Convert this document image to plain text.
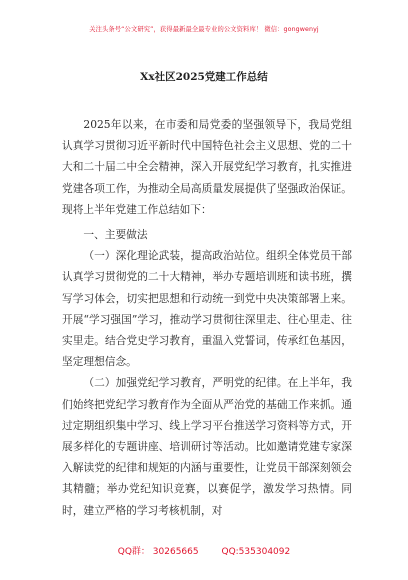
关注头条号“公文研究”，获得最新最全最专业的公文资料库！ 微信：gongwenyj
Xx社区2025党建工作总结

2025年以来，在市委和局党委的坚强领导下，我局党组认真学习贯彻习近平新时代中国特色社会主义思想、党的二十大和二十届二中全会精神，深入开展党纪学习教育，扎实推进党建各项工作，为推动全局高质量发展提供了坚强政治保证。现将上半年党建工作总结如下：

一、主要做法

（一）深化理论武装，提高政治站位。组织全体党员干部认真学习贯彻党的二十大精神，举办专题培训班和读书班，撰写学习体会，切实把思想和行动统一到党中央决策部署上来。开展“学习强国”学习，推动学习贯彻往深里走、往心里走、往实里走。结合党史学习教育，重温入党誓词，传承红色基因，坚定理想信念。

（二）加强党纪学习教育，严明党的纪律。在上半年，我们始终把党纪学习教育作为全面从严治党的基础工作来抓。通过定期组织集中学习、线上学习平台推送学习资料等方式，开展多样化的专题讲座、培训研讨等活动。比如邀请党建专家深入解读党的纪律和规矩的内涵与重要性，让党员干部深刻领会其精髓；举办党纪知识竞赛，以赛促学，激发学习热情。同时，建立严格的学习考核机制，对

QQ群： 30265665	QQ:535304092
